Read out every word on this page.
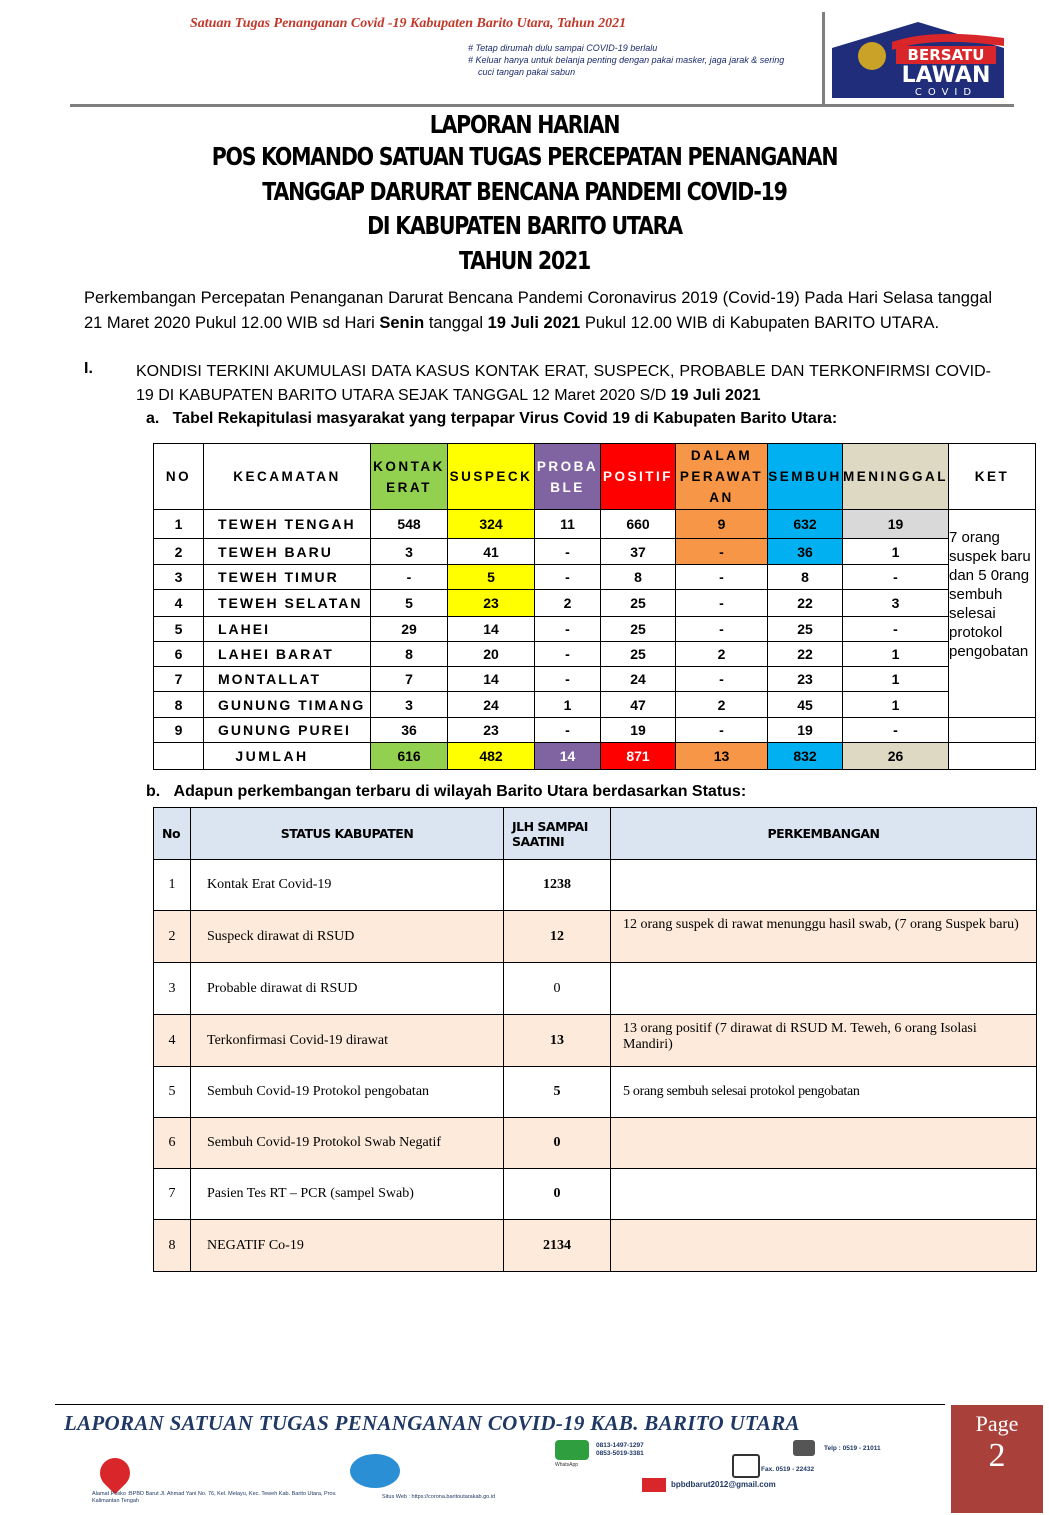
Satuan Tugas Penanganan Covid -19 Kabupaten Barito Utara, Tahun 2021
# Tetap dirumah dulu sampai COVID-19 berlalu
# Keluar hanya untuk belanja penting dengan pakai masker, jaga jarak & sering
cuci tangan pakai sabun
BERSATU
LAWAN
COVID
LAPORAN HARIAN
POS KOMANDO SATUAN TUGAS PERCEPATAN PENANGANAN
TANGGAP DARURAT BENCANA PANDEMI COVID-19
DI KABUPATEN BARITO UTARA
TAHUN 2021
Perkembangan Percepatan Penanganan Darurat Bencana Pandemi Coronavirus 2019 (Covid-19) Pada Hari Selasa tanggal 21 Maret 2020 Pukul 12.00 WIB sd Hari Senin tanggal 19 Juli 2021 Pukul 12.00 WIB di Kabupaten BARITO UTARA.
I.	KONDISI TERKINI AKUMULASI DATA KASUS KONTAK ERAT, SUSPECK, PROBABLE DAN TERKONFIRMSI COVID-19 DI KABUPATEN BARITO UTARA SEJAK TANGGAL 12 Maret 2020 S/D 19 Juli 2021
a.   Tabel Rekapitulasi masyarakat yang terpapar Virus Covid 19 di Kabupaten Barito Utara:
NO	KECAMATAN	KONTAK ERAT	SUSPECK	PROBA BLE	POSITIF	DALAM PERAWAT AN	SEMBUH	MENINGGAL	KET
1	TEWEH TENGAH	548	324	11	660	9	632	19	7 orang suspek baru dan 5 0rang sembuh selesai protokol pengobatan
2	TEWEH BARU	3	41	-	37	-	36	1	
3	TEWEH TIMUR	-	5	-	8	-	8	-	
4	TEWEH SELATAN	5	23	2	25	-	22	3	
5	LAHEI	29	14	-	25	-	25	-	
6	LAHEI BARAT	8	20	-	25	2	22	1	
7	MONTALLAT	7	14	-	24	-	23	1	
8	GUNUNG TIMANG	3	24	1	47	2	45	1	
9	GUNUNG PUREI	36	23	-	19	-	19	-	
	JUMLAH	616	482	14	871	13	832	26	
b.   Adapun perkembangan terbaru di wilayah Barito Utara berdasarkan Status:
No	STATUS KABUPATEN	JLH SAMPAI SAATINI	PERKEMBANGAN
1	Kontak Erat Covid-19	1238	
2	Suspeck dirawat di RSUD	12	12 orang suspek di rawat menunggu hasil swab, (7 orang Suspek baru)
3	Probable dirawat di RSUD	0	
4	Terkonfirmasi Covid-19 dirawat	13	13 orang positif (7 dirawat di RSUD M. Teweh, 6 orang Isolasi Mandiri)
5	Sembuh Covid-19 Protokol pengobatan	5	5 orang sembuh selesai protokol pengobatan
6	Sembuh Covid-19 Protokol Swab Negatif	0	
7	Pasien Tes RT – PCR (sampel Swab)	0	
8	NEGATIF Co-19	2134	
LAPORAN SATUAN TUGAS PENANGANAN COVID-19 KAB. BARITO UTARA	Page
2
WhatsApp
0813-1497-1297
0853-5019-3381
Telp : 0519 - 21011
Fax. 0519 - 22432
bpbdbarut2012@gmail.com
Alamat Posko :BPBD Barut Jl. Ahmad Yani No. 76, Kel. Melayu, Kec. Teweh Kab. Barito Utara, Prov. Kalimantan Tengah
Situs Web : https://corona.baritoutarakab.go.id
